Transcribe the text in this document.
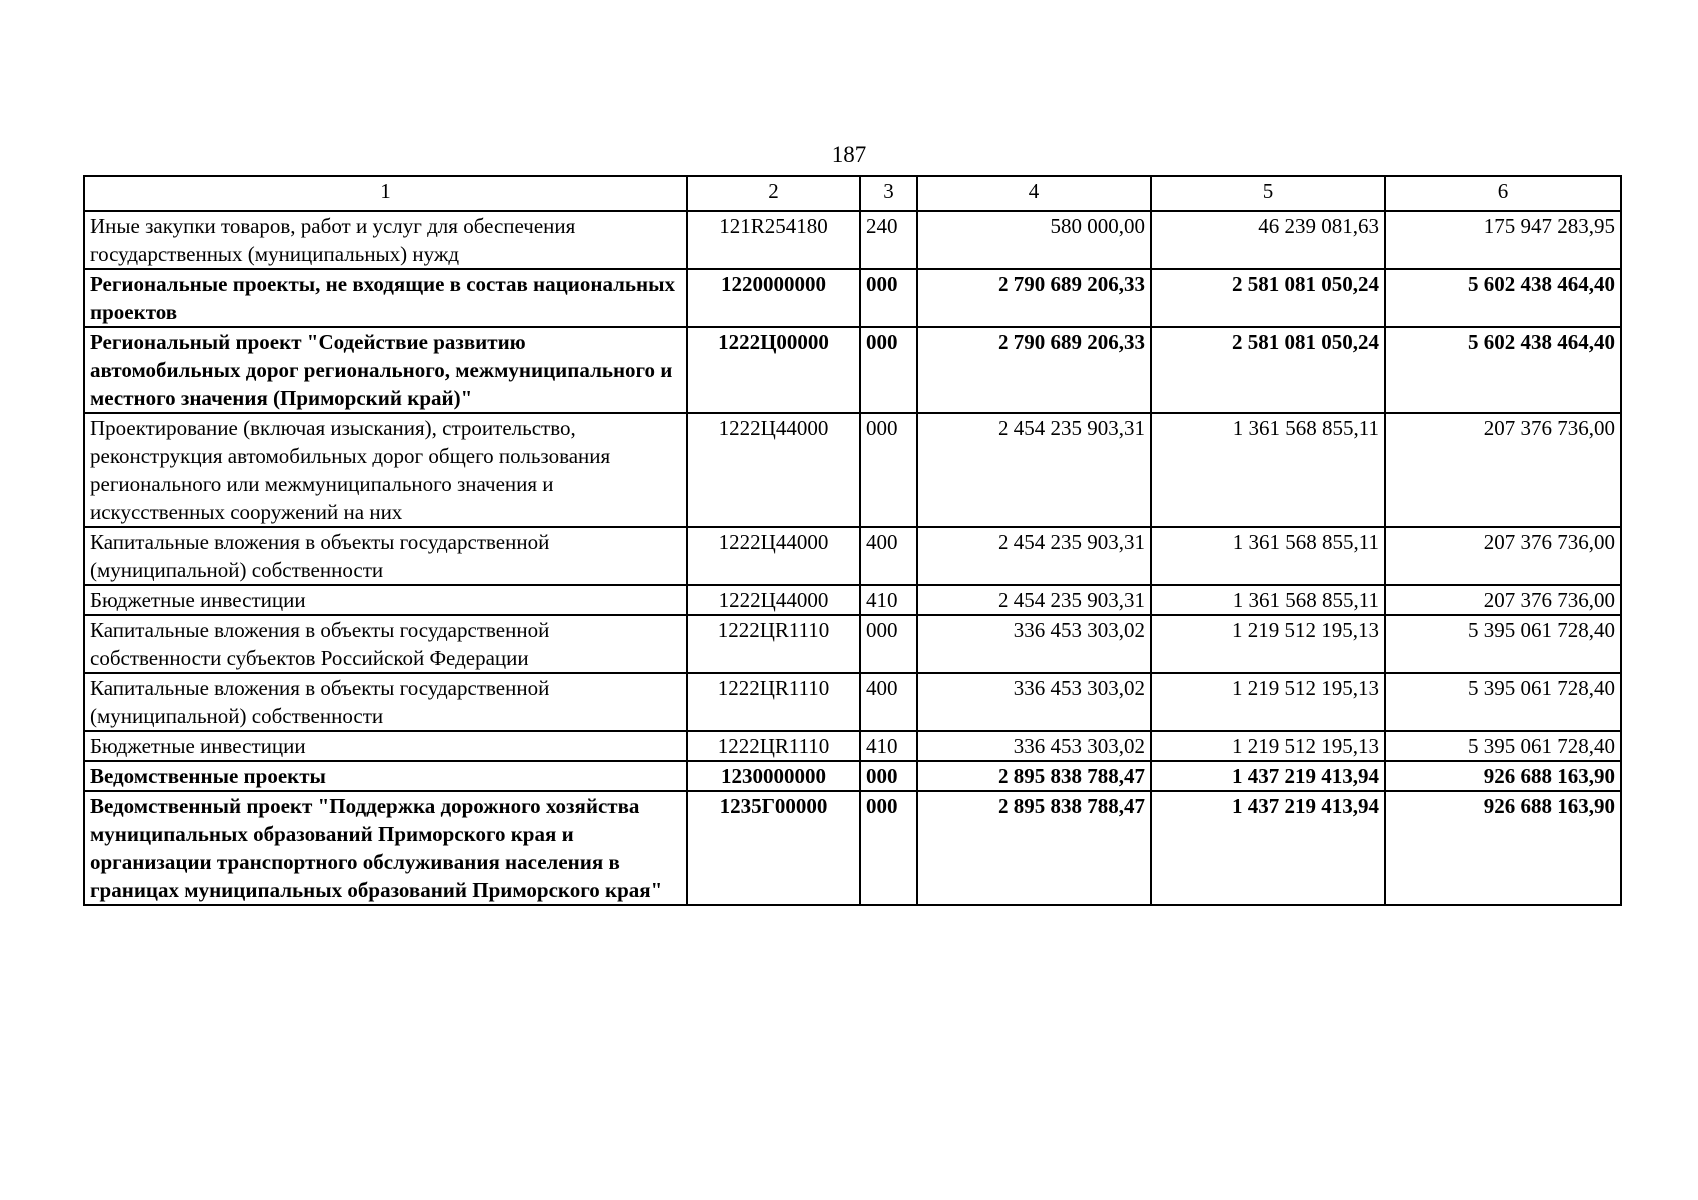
187
1	2	3	4	5	6
Иные закупки товаров, работ и услуг для обеспечения государственных (муниципальных) нужд	121R254180	240	580 000,00	46 239 081,63	175 947 283,95
Региональные проекты, не входящие в состав национальных проектов	1220000000	000	2 790 689 206,33	2 581 081 050,24	5 602 438 464,40
Региональный проект "Содействие развитию автомобильных дорог регионального, межмуниципального и местного значения (Приморский край)"	1222Ц00000	000	2 790 689 206,33	2 581 081 050,24	5 602 438 464,40
Проектирование (включая изыскания), строительство, реконструкция автомобильных дорог общего пользования регионального или межмуниципального значения и искусственных сооружений на них	1222Ц44000	000	2 454 235 903,31	1 361 568 855,11	207 376 736,00
Капитальные вложения в объекты государственной (муниципальной) собственности	1222Ц44000	400	2 454 235 903,31	1 361 568 855,11	207 376 736,00
Бюджетные инвестиции	1222Ц44000	410	2 454 235 903,31	1 361 568 855,11	207 376 736,00
Капитальные вложения в объекты государственной собственности субъектов Российской Федерации	1222ЦR1110	000	336 453 303,02	1 219 512 195,13	5 395 061 728,40
Капитальные вложения в объекты государственной (муниципальной) собственности	1222ЦR1110	400	336 453 303,02	1 219 512 195,13	5 395 061 728,40
Бюджетные инвестиции	1222ЦR1110	410	336 453 303,02	1 219 512 195,13	5 395 061 728,40
Ведомственные проекты	1230000000	000	2 895 838 788,47	1 437 219 413,94	926 688 163,90
Ведомственный проект "Поддержка дорожного хозяйства муниципальных образований Приморского края и организации транспортного обслуживания населения в границах муниципальных образований Приморского края"	1235Г00000	000	2 895 838 788,47	1 437 219 413,94	926 688 163,90
